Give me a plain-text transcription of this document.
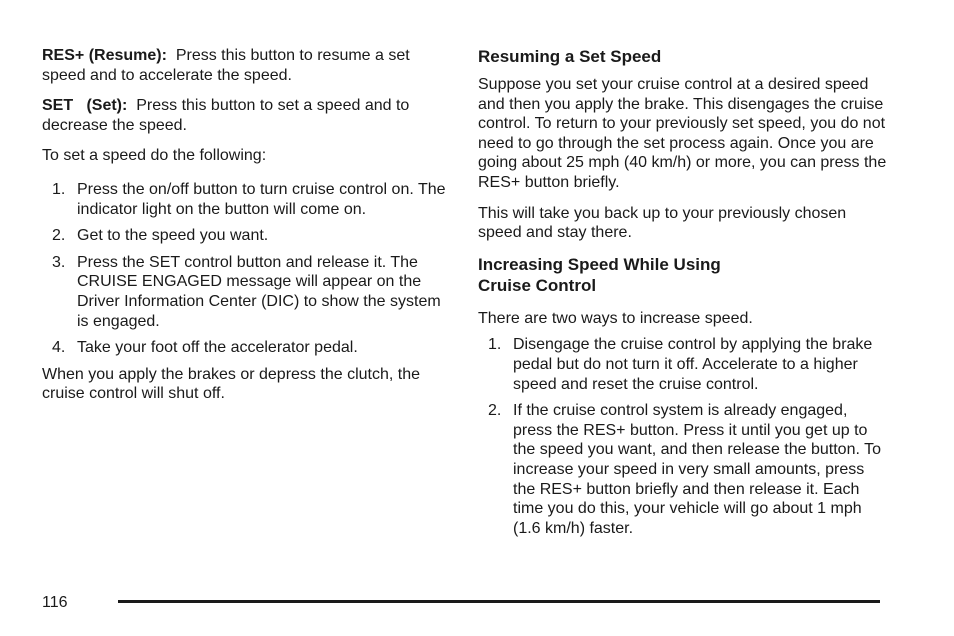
RES+ (Resume): Press this button to resume a set speed and to accelerate the speed.

SET   (Set): Press this button to set a speed and to decrease the speed.

To set a speed do the following:

1. Press the on/off button to turn cruise control on. The indicator light on the button will come on.
2. Get to the speed you want.
3. Press the SET control button and release it. The CRUISE ENGAGED message will appear on the Driver Information Center (DIC) to show the system is engaged.
4. Take your foot off the accelerator pedal.

When you apply the brakes or depress the clutch, the cruise control will shut off.

Resuming a Set Speed

Suppose you set your cruise control at a desired speed and then you apply the brake. This disengages the cruise control. To return to your previously set speed, you do not need to go through the set process again. Once you are going about 25 mph (40 km/h) or more, you can press the RES+ button briefly.

This will take you back up to your previously chosen speed and stay there.

Increasing Speed While Using
Cruise Control

There are two ways to increase speed.

1. Disengage the cruise control by applying the brake pedal but do not turn it off. Accelerate to a higher speed and reset the cruise control.
2. If the cruise control system is already engaged, press the RES+ button. Press it until you get up to the speed you want, and then release the button. To increase your speed in very small amounts, press the RES+ button briefly and then release it. Each time you do this, your vehicle will go about 1 mph (1.6 km/h) faster.
116
